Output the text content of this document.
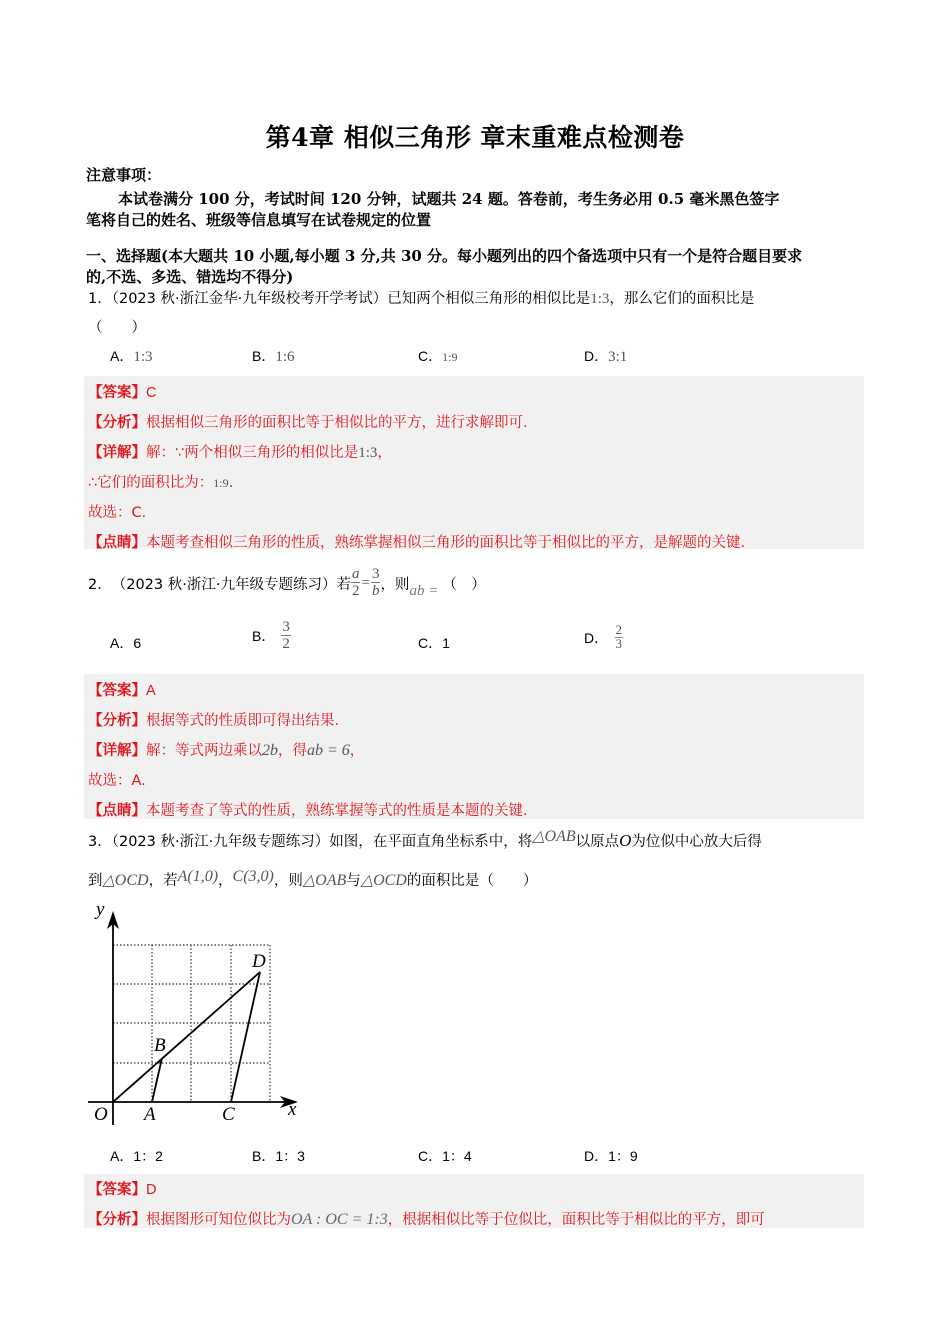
第4章 相似三角形 章末重难点检测卷
注意事项：
本试卷满分 100 分，考试时间 120 分钟，试题共 24 题。答卷前，考生务必用 0.5 毫米黑色签字
笔将自己的姓名、班级等信息填写在试卷规定的位置
一、选择题(本大题共 10 小题,每小题 3 分,共 30 分。每小题列出的四个备选项中只有一个是符合题目要求
的,不选、多选、错选均不得分)
1．（2023 秋·浙江金华·九年级校考开学考试）已知两个相似三角形的相似比是1:3，那么它们的面积比是
（　　）
A．1:3	B．1:6	C．1:9	D．3:1
【答案】C
【分析】根据相似三角形的面积比等于相似比的平方，进行求解即可.
【详解】解：∵两个相似三角形的相似比是1:3，
∴它们的面积比为：1:9.
故选：C.
【点睛】本题考查相似三角形的性质，熟练掌握相似三角形的面积比等于相似比的平方，是解题的关键.
2． （2023 秋·浙江·九年级专题练习） 若 $\frac{a}{2} = \frac{3}{b}$ ，则 ab = （　）
A．6	B． $\frac{3}{2}$	C．1	D． $\frac{2}{3}$
【答案】A
【分析】根据等式的性质即可得出结果.
【详解】解：等式两边乘以2b，得ab = 6，
故选：A.
【点睛】本题考查了等式的性质，熟练掌握等式的性质是本题的关键.
3．（2023 秋·浙江·九年级专题练习）如图，在平面直角坐标系中，将△OAB以原点O为位似中心放大后得
到△OCD，若A(1,0)，C(3,0)，则△OAB与△OCD的面积比是（　　）
y
x
O A
B
C
D
A．1：2	B．1：3	C．1：4	D．1：9
【答案】D
【分析】根据图形可知位似比为OA : OC = 1:3，根据相似比等于位似比，面积比等于相似比的平方，即可
